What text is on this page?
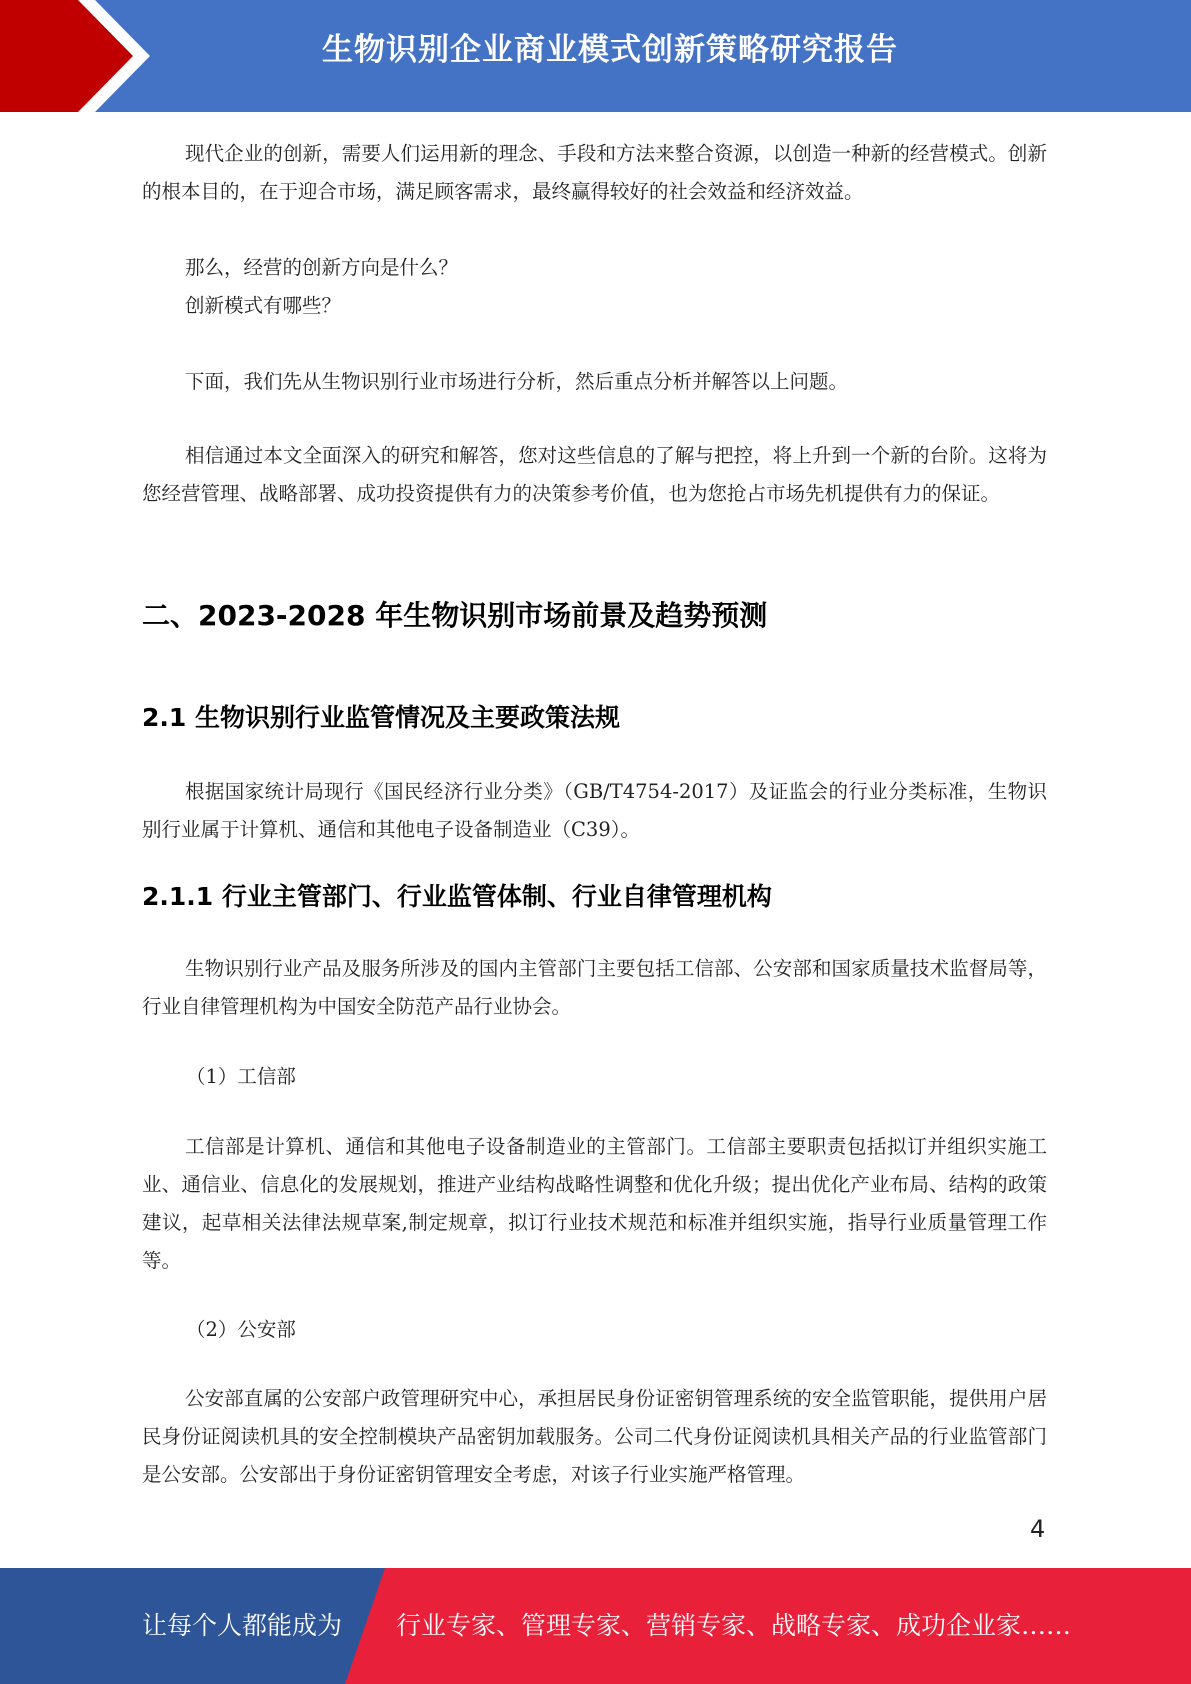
生物识别企业商业模式创新策略研究报告

现代企业的创新，需要人们运用新的理念、手段和方法来整合资源，以创造一种新的经营模式。创新的根本目的，在于迎合市场，满足顾客需求，最终赢得较好的社会效益和经济效益。

那么，经营的创新方向是什么？

创新模式有哪些？

下面，我们先从生物识别行业市场进行分析，然后重点分析并解答以上问题。

相信通过本文全面深入的研究和解答，您对这些信息的了解与把控，将上升到一个新的台阶。这将为您经营管理、战略部署、成功投资提供有力的决策参考价值，也为您抢占市场先机提供有力的保证。

二、2023-2028 年生物识别市场前景及趋势预测
2.1 生物识别行业监管情况及主要政策法规

根据国家统计局现行《国民经济行业分类》（GB/T4754-2017）及证监会的行业分类标准，生物识别行业属于计算机、通信和其他电子设备制造业（C39）。

2.1.1 行业主管部门、行业监管体制、行业自律管理机构

生物识别行业产品及服务所涉及的国内主管部门主要包括工信部、公安部和国家质量技术监督局等，行业自律管理机构为中国安全防范产品行业协会。

（1）工信部

工信部是计算机、通信和其他电子设备制造业的主管部门。工信部主要职责包括拟订并组织实施工业、通信业、信息化的发展规划，推进产业结构战略性调整和优化升级；提出优化产业布局、结构的政策建议，起草相关法律法规草案,制定规章，拟订行业技术规范和标准并组织实施，指导行业质量管理工作等。

（2）公安部

公安部直属的公安部户政管理研究中心，承担居民身份证密钥管理系统的安全监管职能，提供用户居民身份证阅读机具的安全控制模块产品密钥加载服务。公司二代身份证阅读机具相关产品的行业监管部门是公安部。公安部出于身份证密钥管理安全考虑，对该子行业实施严格管理。

4
让每个人都能成为 行业专家、管理专家、营销专家、战略专家、成功企业家……
